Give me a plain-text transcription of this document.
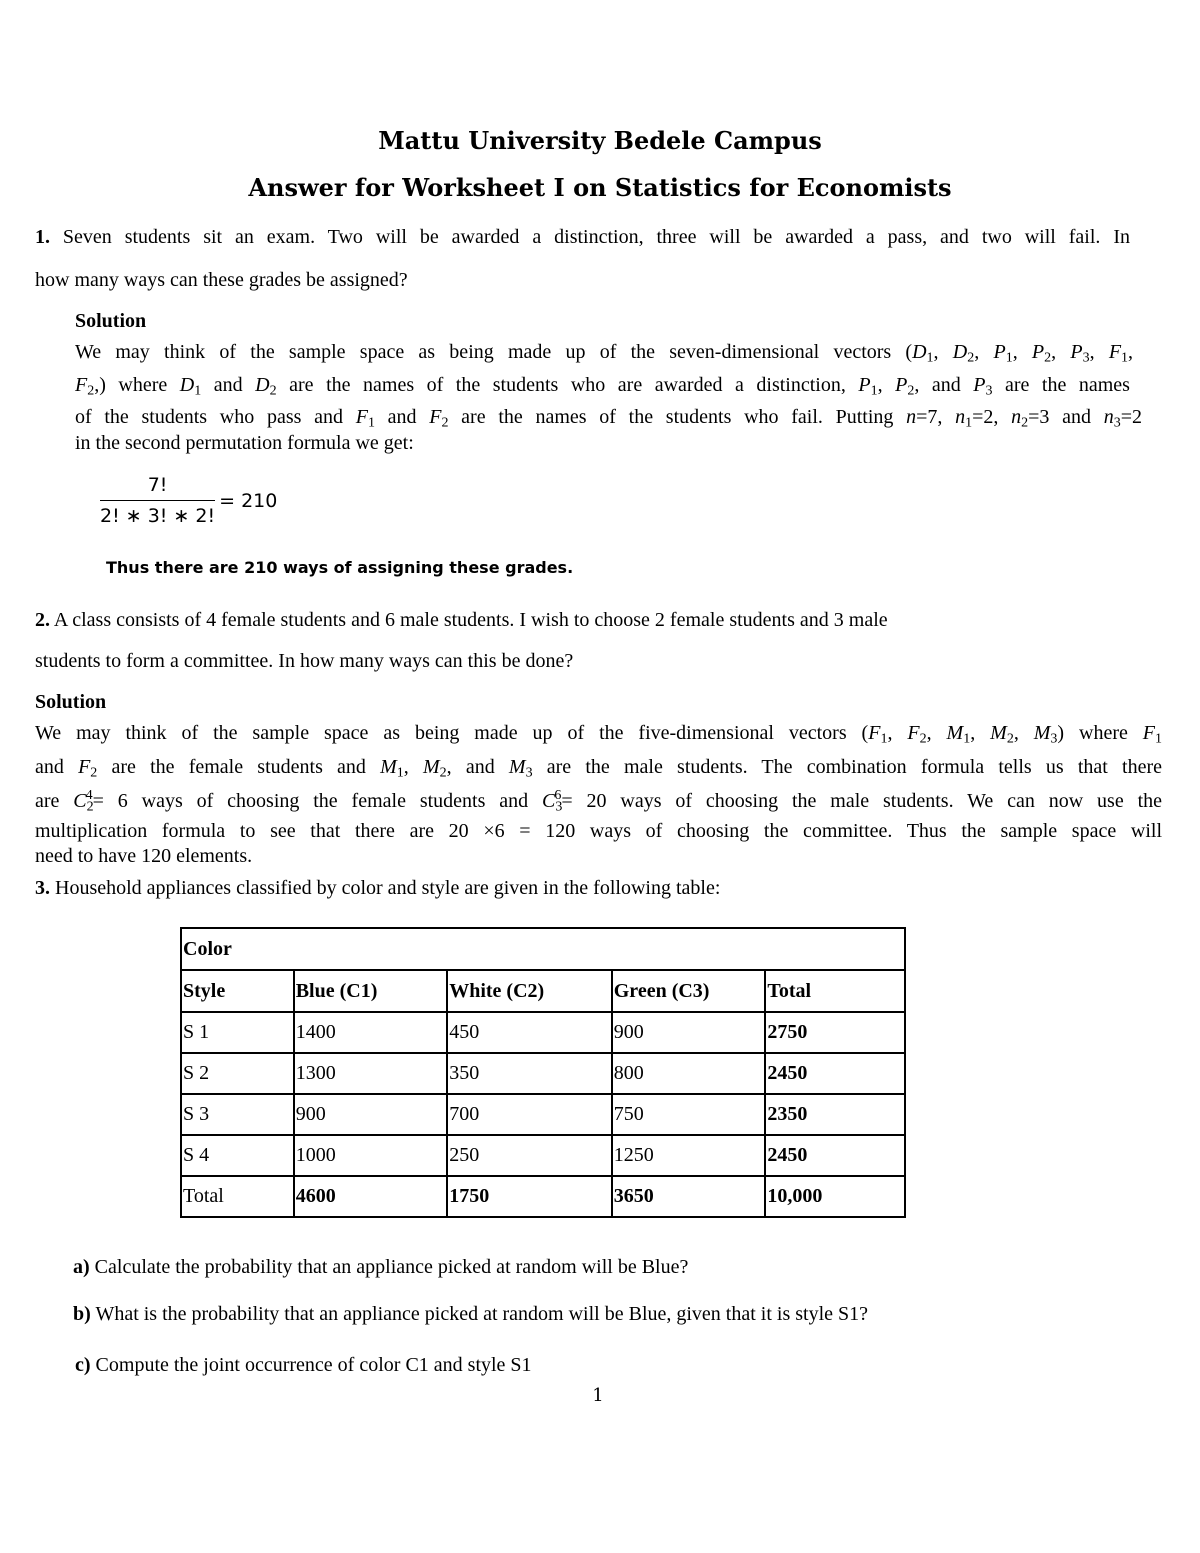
Mattu University Bedele Campus
Answer for Worksheet I on Statistics for Economists
1. Seven students sit an exam. Two will be awarded a distinction, three will be awarded a pass, and two will fail. In
how many ways can these grades be assigned?
Solution
We may think of the sample space as being made up of the seven-dimensional vectors ($D_1$, $D_2$, $P_1$, $P_2$, $P_3$, $F_1$,
$F_2$,) where $D_1$ and $D_2$ are the names of the students who are awarded a distinction, $P_1$, $P_2$, and $P_3$ are the names
of the students who pass and $F_1$ and $F_2$ are the names of the students who fail. Putting n=7, $n_1=2$, $n_2=3$ and $n_3=2$
in the second permutation formula we get:
$\frac{7!}{2! ∗ 3! ∗ 2!} = 210$
Thus there are 210 ways of assigning these grades.
2. A class consists of 4 female students and 6 male students. I wish to choose 2 female students and 3 male
students to form a committee. In how many ways can this be done?
Solution
We may think of the sample space as being made up of the five-dimensional vectors ($F_1$, $F_2$, $M_1$, $M_2$, $M_3$) where $F_1$
and $F_2$ are the female students and $M_1$, $M_2$, and $M_3$ are the male students. The combination formula tells us that there
are $C_2^4= 6$ ways of choosing the female students and $C_3^6= 20$ ways of choosing the male students. We can now use the
multiplication formula to see that there are 20 ×6 = 120 ways of choosing the committee. Thus the sample space will
need to have 120 elements.
3. Household appliances classified by color and style are given in the following table:
Color				
Style	Blue (C1)	White (C2)	Green (C3)	Total
S 1	1400	450	900	2750
S 2	1300	350	800	2450
S 3	900	700	750	2350
S 4	1000	250	1250	2450
Total	4600	1750	3650	10,000
a) Calculate the probability that an appliance picked at random will be Blue?
b) What is the probability that an appliance picked at random will be Blue, given that it is style S1?
c) Compute the joint occurrence of color C1 and style S1
1
